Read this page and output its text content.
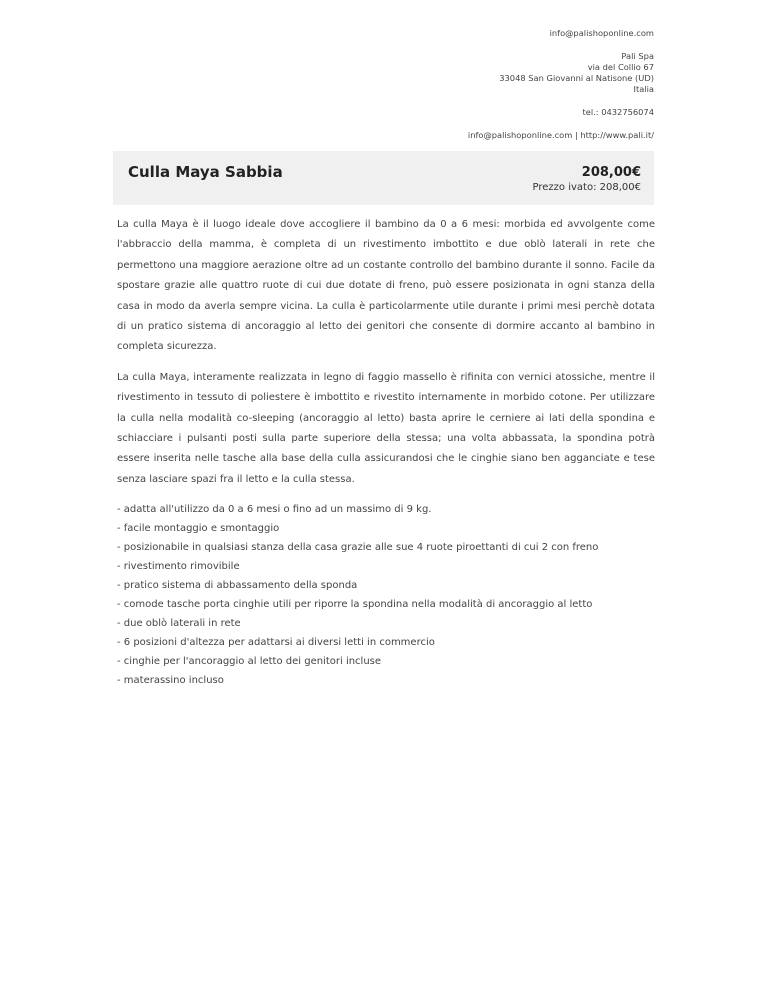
info@palishoponline.com
Pali Spa
via del Collio 67
33048 San Giovanni al Natisone (UD)
Italia
tel.: 0432756074
info@palishoponline.com | http://www.pali.it/
Culla Maya Sabbia	208,00€
Prezzo ivato: 208,00€

La culla Maya è il luogo ideale dove accogliere il bambino da 0 a 6 mesi: morbida ed avvolgente come l'abbraccio della mamma, è completa di un rivestimento imbottito e due oblò laterali in rete che permettono una maggiore aerazione oltre ad un costante controllo del bambino durante il sonno. Facile da spostare grazie alle quattro ruote di cui due dotate di freno, può essere posizionata in ogni stanza della casa in modo da averla sempre vicina. La culla è particolarmente utile durante i primi mesi perchè dotata di un pratico sistema di ancoraggio al letto dei genitori che consente di dormire accanto al bambino in completa sicurezza.

La culla Maya, interamente realizzata in legno di faggio massello è rifinita con vernici atossiche, mentre il rivestimento in tessuto di poliestere è imbottito e rivestito internamente in morbido cotone. Per utilizzare la culla nella modalità co-sleeping (ancoraggio al letto) basta aprire le cerniere ai lati della spondina e schiacciare i pulsanti posti sulla parte superiore della stessa; una volta abbassata, la spondina potrà essere inserita nelle tasche alla base della culla assicurandosi che le cinghie siano ben agganciate e tese senza lasciare spazi fra il letto e la culla stessa.

- adatta all'utilizzo da 0 a 6 mesi o fino ad un massimo di 9 kg.
- facile montaggio e smontaggio
- posizionabile in qualsiasi stanza della casa grazie alle sue 4 ruote piroettanti di cui 2 con freno
- rivestimento rimovibile
- pratico sistema di abbassamento della sponda
- comode tasche porta cinghie utili per riporre la spondina nella modalità di ancoraggio al letto
- due oblò laterali in rete
- 6 posizioni d'altezza per adattarsi ai diversi letti in commercio
- cinghie per l'ancoraggio al letto dei genitori incluse
- materassino incluso
